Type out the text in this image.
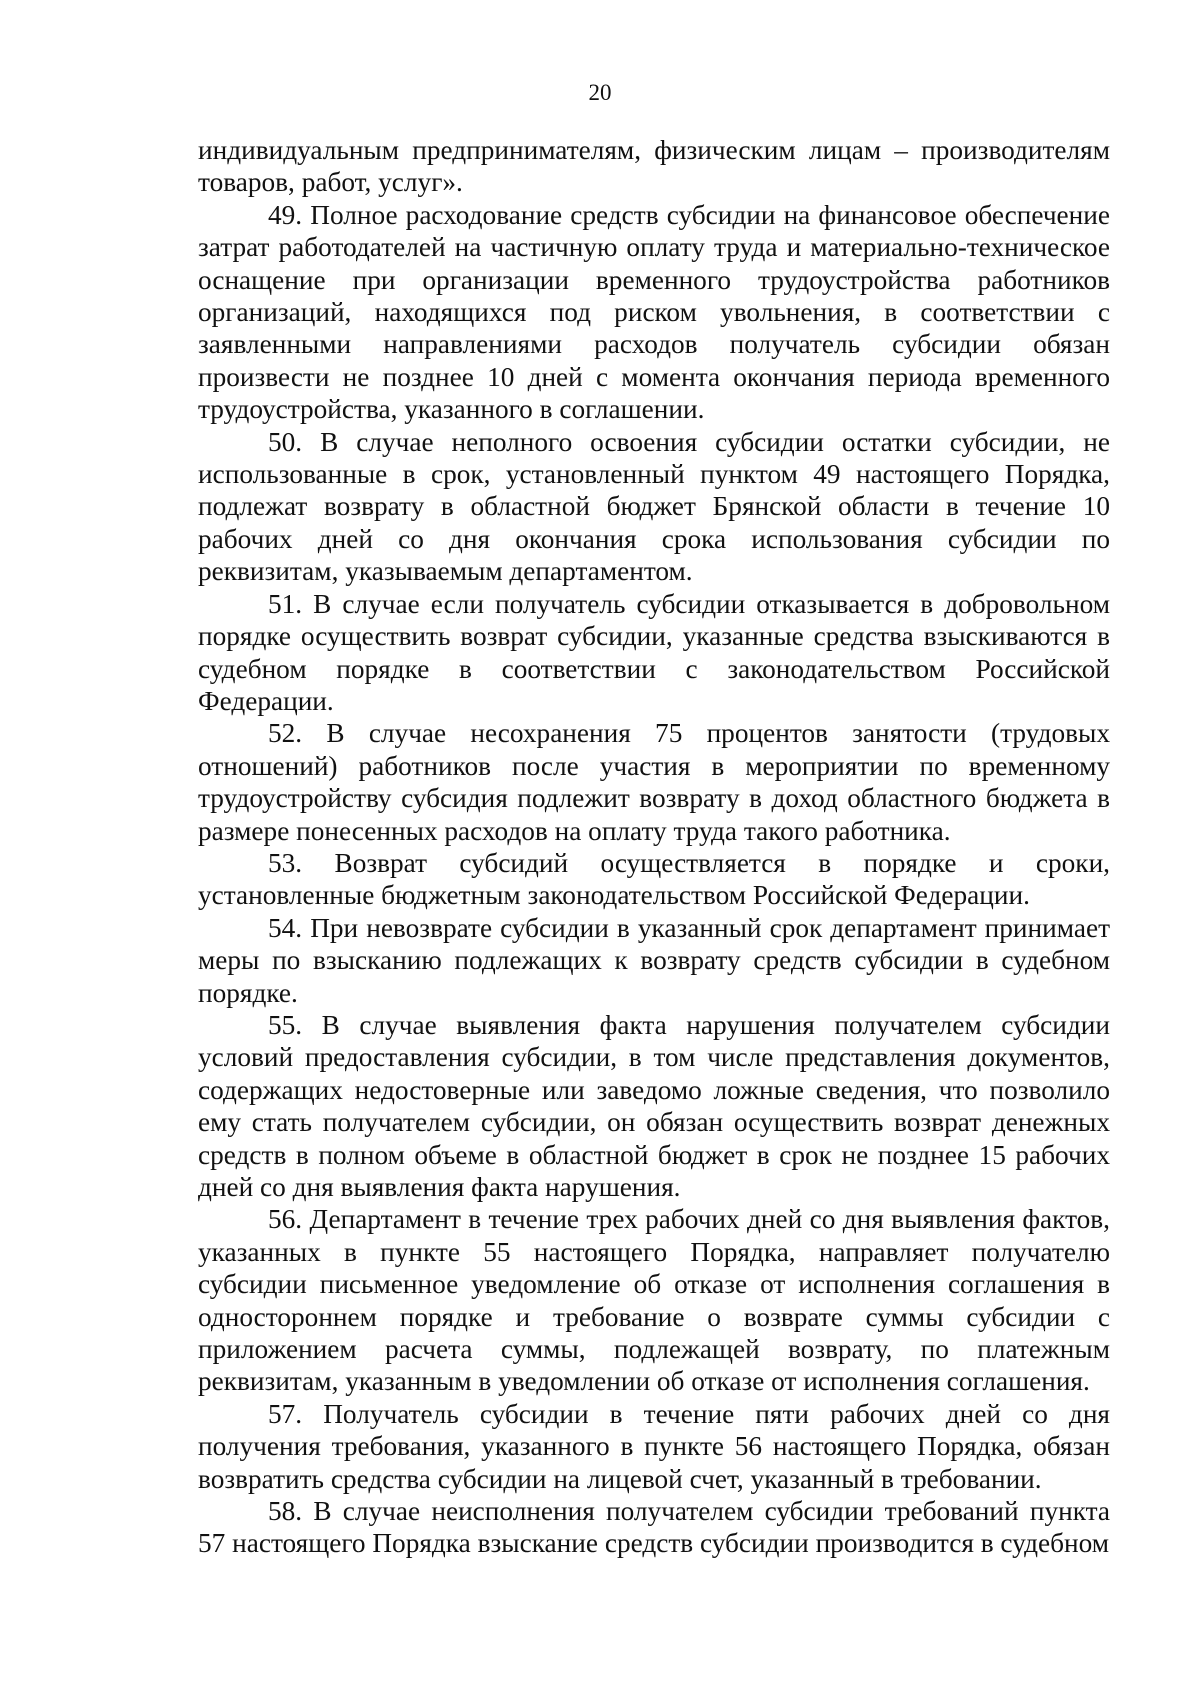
20

индивидуальным предпринимателям, физическим лицам – производителям товаров, работ, услуг».

49. Полное расходование средств субсидии на финансовое обеспечение затрат работодателей на частичную оплату труда и материально-техническое оснащение при организации временного трудоустройства работников организаций, находящихся под риском увольнения, в соответствии с заявленными направлениями расходов получатель субсидии обязан произвести не позднее 10 дней с момента окончания периода временного трудоустройства, указанного в соглашении.

50. В случае неполного освоения субсидии остатки субсидии, не использованные в срок, установленный пунктом 49 настоящего Порядка, подлежат возврату в областной бюджет Брянской области в течение 10 рабочих дней со дня окончания срока использования субсидии по реквизитам, указываемым департаментом.

51. В случае если получатель субсидии отказывается в добровольном порядке осуществить возврат субсидии, указанные средства взыскиваются в судебном порядке в соответствии с законодательством Российской Федерации.

52. В случае несохранения 75 процентов занятости (трудовых отношений) работников после участия в мероприятии по временному трудоустройству субсидия подлежит возврату в доход областного бюджета в размере понесенных расходов на оплату труда такого работника.

53. Возврат субсидий осуществляется в порядке и сроки, установленные бюджетным законодательством Российской Федерации.

54. При невозврате субсидии в указанный срок департамент принимает меры по взысканию подлежащих к возврату средств субсидии в судебном порядке.

55. В случае выявления факта нарушения получателем субсидии условий предоставления субсидии, в том числе представления документов, содержащих недостоверные или заведомо ложные сведения, что позволило ему стать получателем субсидии, он обязан осуществить возврат денежных средств в полном объеме в областной бюджет в срок не позднее 15 рабочих дней со дня выявления факта нарушения.

56. Департамент в течение трех рабочих дней со дня выявления фактов, указанных в пункте 55 настоящего Порядка, направляет получателю субсидии письменное уведомление об отказе от исполнения соглашения в одностороннем порядке и требование о возврате суммы субсидии с приложением расчета суммы, подлежащей возврату, по платежным реквизитам, указанным в уведомлении об отказе от исполнения соглашения.

57. Получатель субсидии в течение пяти рабочих дней со дня получения требования, указанного в пункте 56 настоящего Порядка, обязан возвратить средства субсидии на лицевой счет, указанный в требовании.

58. В случае неисполнения получателем субсидии требований пункта 57 настоящего Порядка взыскание средств субсидии производится в судебном
